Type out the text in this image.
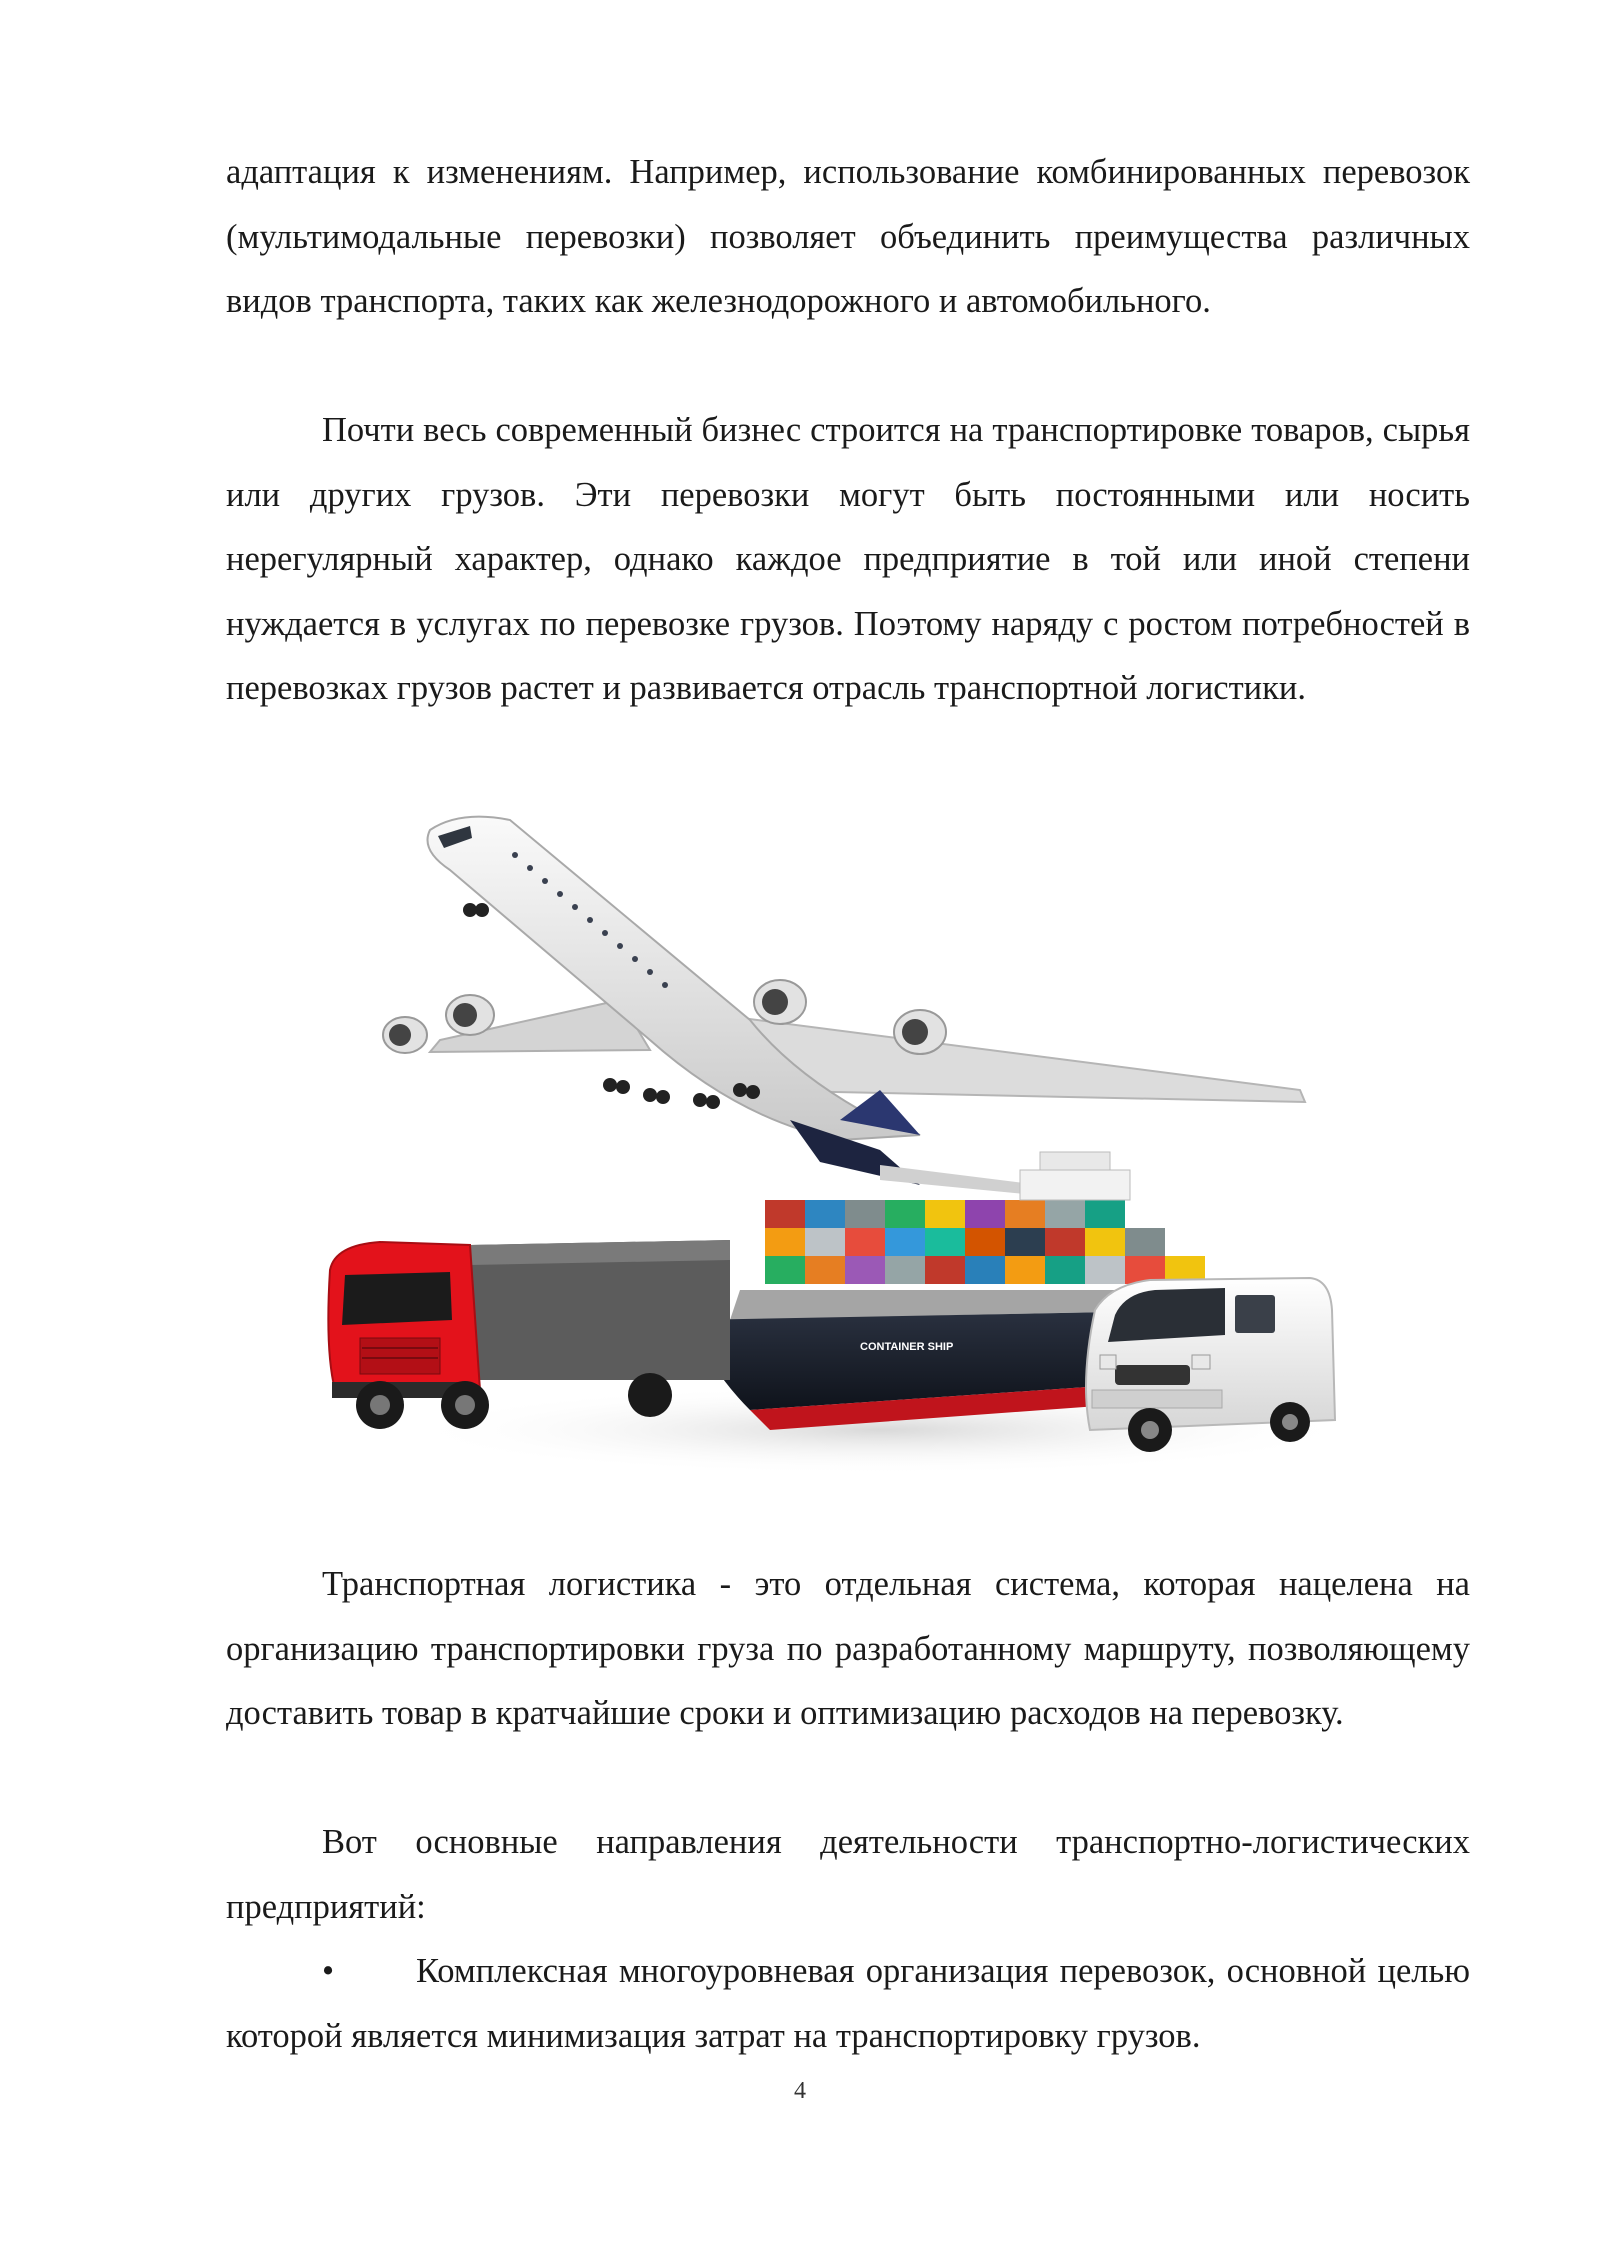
адаптация к изменениям. Например, использование комбинированных перевозок (мультимодальные перевозки) позволяет объединить преимущества различных видов транспорта, таких как железнодорожного и автомобильного.

Почти весь современный бизнес строится на транспортировке товаров, сырья или других грузов. Эти перевозки могут быть постоянными или носить нерегулярный характер, однако каждое предприятие в той или иной степени нуждается в услугах по перевозке грузов. Поэтому наряду с ростом потребностей в перевозках грузов растет и развивается отрасль транспортной логистики.

CONTAINER SHIP

Транспортная логистика - это отдельная система, которая нацелена на организацию транспортировки груза по разработанному маршруту, позволяющему доставить товар в кратчайшие сроки и оптимизацию расходов на перевозку.

Вот основные направления деятельности транспортно-логистических предприятий:

• Комплексная многоуровневая организация перевозок, основной целью которой является минимизация затрат на транспортировку грузов.

4
